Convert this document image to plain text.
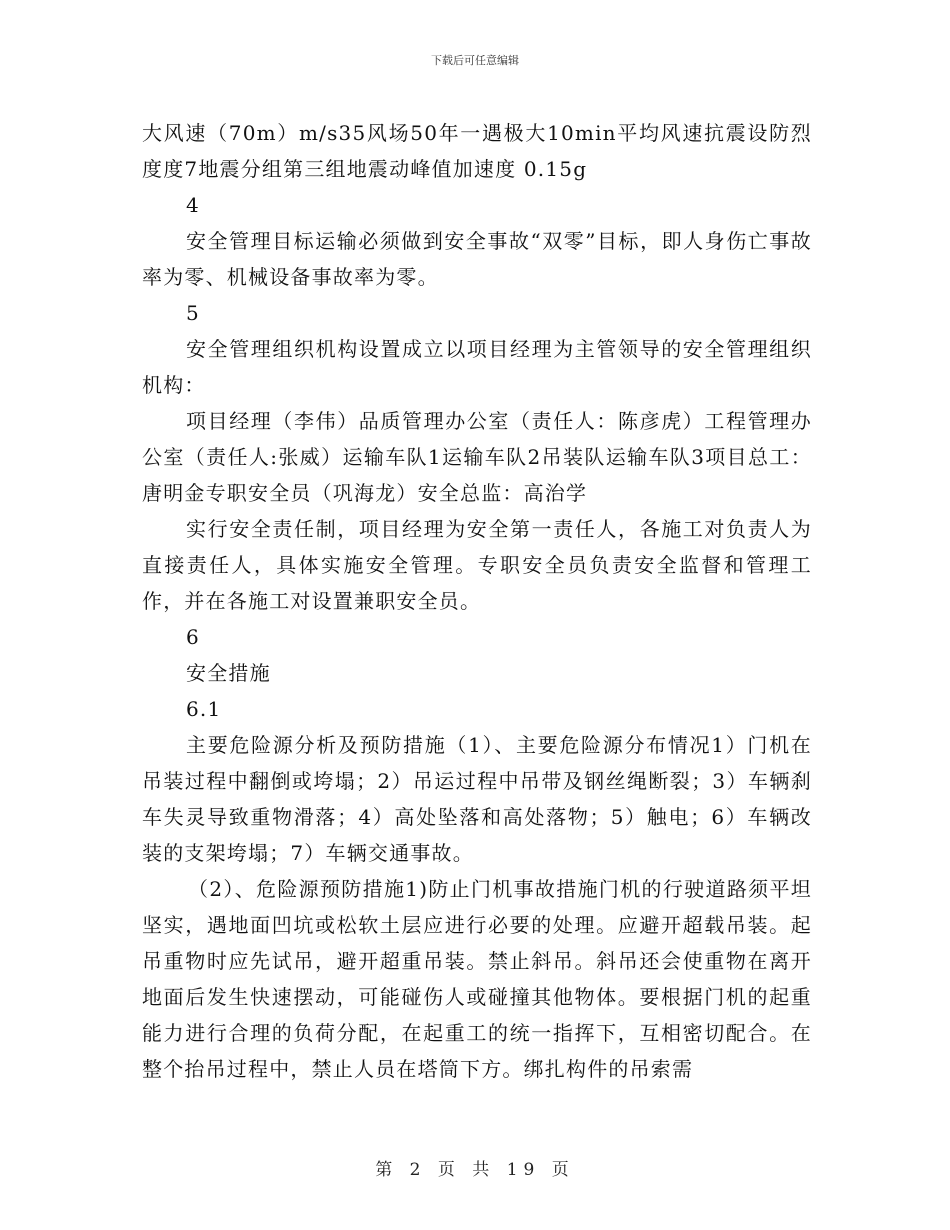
下载后可任意编辑

大风速（70m）m/s35风场50年一遇极大10min平均风速抗震设防烈度度7地震分组第三组地震动峰值加速度 0.15g

4

安全管理目标运输必须做到安全事故“双零”目标，即人身伤亡事故率为零、机械设备事故率为零。

5

安全管理组织机构设置成立以项目经理为主管领导的安全管理组织机构：

项目经理（李伟）品质管理办公室（责任人：陈彦虎）工程管理办公室（责任人:张威）运输车队1运输车队2吊装队运输车队3项目总工：唐明金专职安全员（巩海龙）安全总监：高治学

实行安全责任制，项目经理为安全第一责任人，各施工对负责人为直接责任人，具体实施安全管理。专职安全员负责安全监督和管理工作，并在各施工对设置兼职安全员。

6

安全措施

6.1

主要危险源分析及预防措施（1）、主要危险源分布情况1）门机在吊装过程中翻倒或垮塌；2）吊运过程中吊带及钢丝绳断裂；3）车辆刹车失灵导致重物滑落；4）高处坠落和高处落物；5）触电；6）车辆改装的支架垮塌；7）车辆交通事故。

（2）、危险源预防措施1)防止门机事故措施门机的行驶道路须平坦坚实，遇地面凹坑或松软土层应进行必要的处理。应避开超载吊装。起吊重物时应先试吊，避开超重吊装。禁止斜吊。斜吊还会使重物在离开地面后发生快速摆动，可能碰伤人或碰撞其他物体。要根据门机的起重能力进行合理的负荷分配，在起重工的统一指挥下，互相密切配合。在整个抬吊过程中，禁止人员在塔筒下方。绑扎构件的吊索需

第 2 页 共 19 页
